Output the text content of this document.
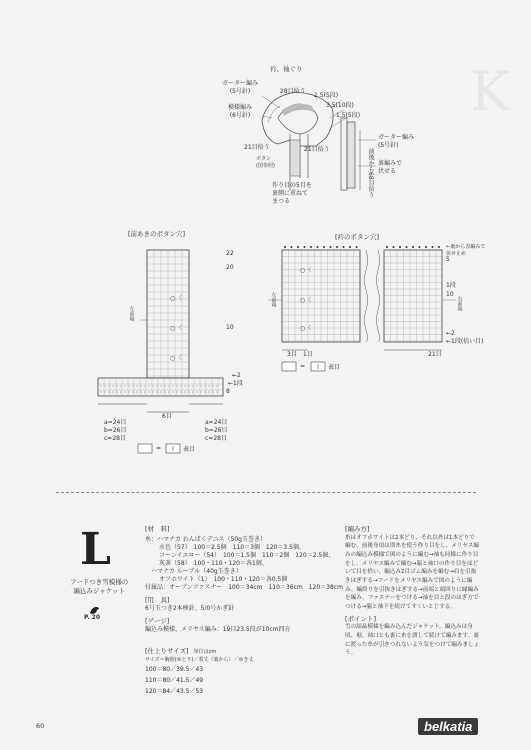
K
衿、袖ぐり
ガーター編み
(5号針)
模様編み
(6号針)
28目拾う
1.5(5段)
3.5(10段)
1.5(5段)
21目拾う	21目拾う
ボタン
(図参照)
作り目の5目を
裏側に重ねて
まつる
ガーター編み
(5号針)
前後から68目拾う 裏編みで
伏せる
[前あきのボタン穴]
○ 〈
○ 〈
○ 〈
22
20
10
←2
←1段
8
左前端
6目
a=24目
b=26目
c=28目
a=24目
b=26目
c=28目
=	表目
[衿のボタン穴]
○〈
○〈
○〈
←裏から表編みで
伏せ止め
5
1段
10
←2
←1段(拾い目)
左前端	右前端
3目 1目	21目
=	表目
L
フードつき雪模様の
編込みジャケット
P. 20
[材　料]
糸：ハマナカ わんぱくデニス（50g玉巻き）
水色（57）　100＝2.5個　110＝3個　120＝3.5個、
コーンイエロー（54）　100＝1.5個　110＝2個　120＝2.5個、
灰茶（58）　100・110・120＝各1個、
ハマナカ ルーブル（40g玉巻き）
オフホワイト（1）　100・110・120＝各0.5個
付属品：オープンファスナー　100＝34cm　110＝36cm　120＝38cm
[用　具]
6号玉つき2本棒針、5/0号かぎ針
[ゲージ]
編込み模様、メリヤス編み：19目23.5段が10cm四方
[仕上りサイズ] 単位はcm
サイズ＝胸囲(ゆとり)／着丈（裏から）／ゆき丈
100＝80／39.5／43
110＝80／41.5／49
120＝84／43.5／53
[編み方]
糸はオフホワイトは2本どり、それ以外は1本どりで編む。前後身頃は別糸を使う作り目をし、メリヤス編みの編込み模様で図のように編む→袖も同様に作り目をし、メリヤス編みで編む→脇と袖口の作り目をほどいて目を拾い、編込み2目ゴム編みを編む→肩を引抜きはぎする→フードをメリヤス編みで図のように編み、編終りを引抜きはぎする→前端と頭回りに縁編みを編み、ファスナーをつける→袖を目と段のはぎ方でつける→脇と袖下を続けてすくいとじする。
[ポイント]
雪の結晶模様を編み込んだジャケット。編込みは身頃、裾、袖口とも裏に糸を渡して続けて編みます。裏に渡った糸が引きつれないよう気をつけて編みましょう。
60	belkatia
